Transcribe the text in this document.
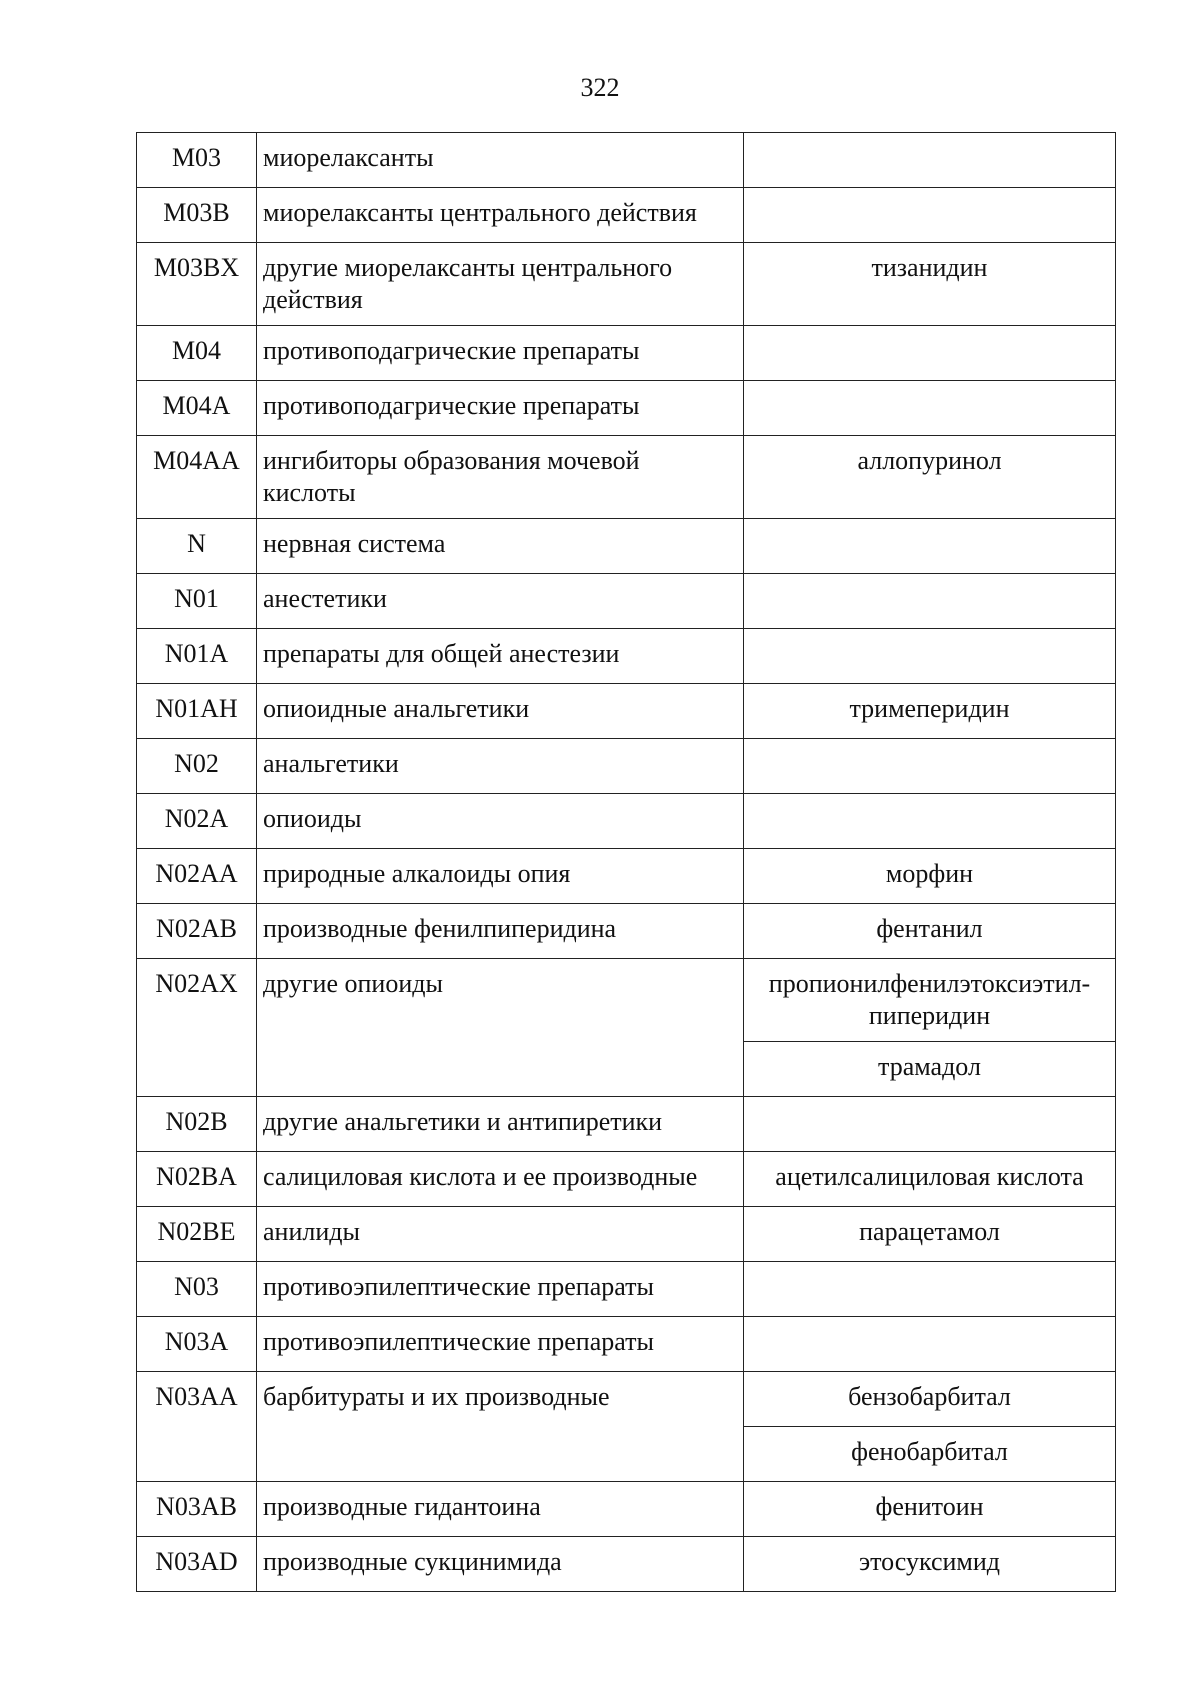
322
M03	миорелаксанты	
M03B	миорелаксанты центрального действия	
M03BX	другие миорелаксанты центрального действия	тизанидин
M04	противоподагрические препараты	
M04A	противоподагрические препараты	
M04AA	ингибиторы образования мочевой кислоты	аллопуринол
N	нервная система	
N01	анестетики	
N01A	препараты для общей анестезии	
N01AH	опиоидные анальгетики	тримеперидин
N02	анальгетики	
N02A	опиоиды	
N02AA	природные алкалоиды опия	морфин
N02AB	производные фенилпиперидина	фентанил
N02AX	другие опиоиды	пропионилфенилэтоксиэтил-пиперидин
		трамадол
N02B	другие анальгетики и антипиретики	
N02BA	салициловая кислота и ее производные	ацетилсалициловая кислота
N02BE	анилиды	парацетамол
N03	противоэпилептические препараты	
N03A	противоэпилептические препараты	
N03AA	барбитураты и их производные	бензобарбитал
		фенобарбитал
N03AB	производные гидантоина	фенитоин
N03AD	производные сукцинимида	этосуксимид
